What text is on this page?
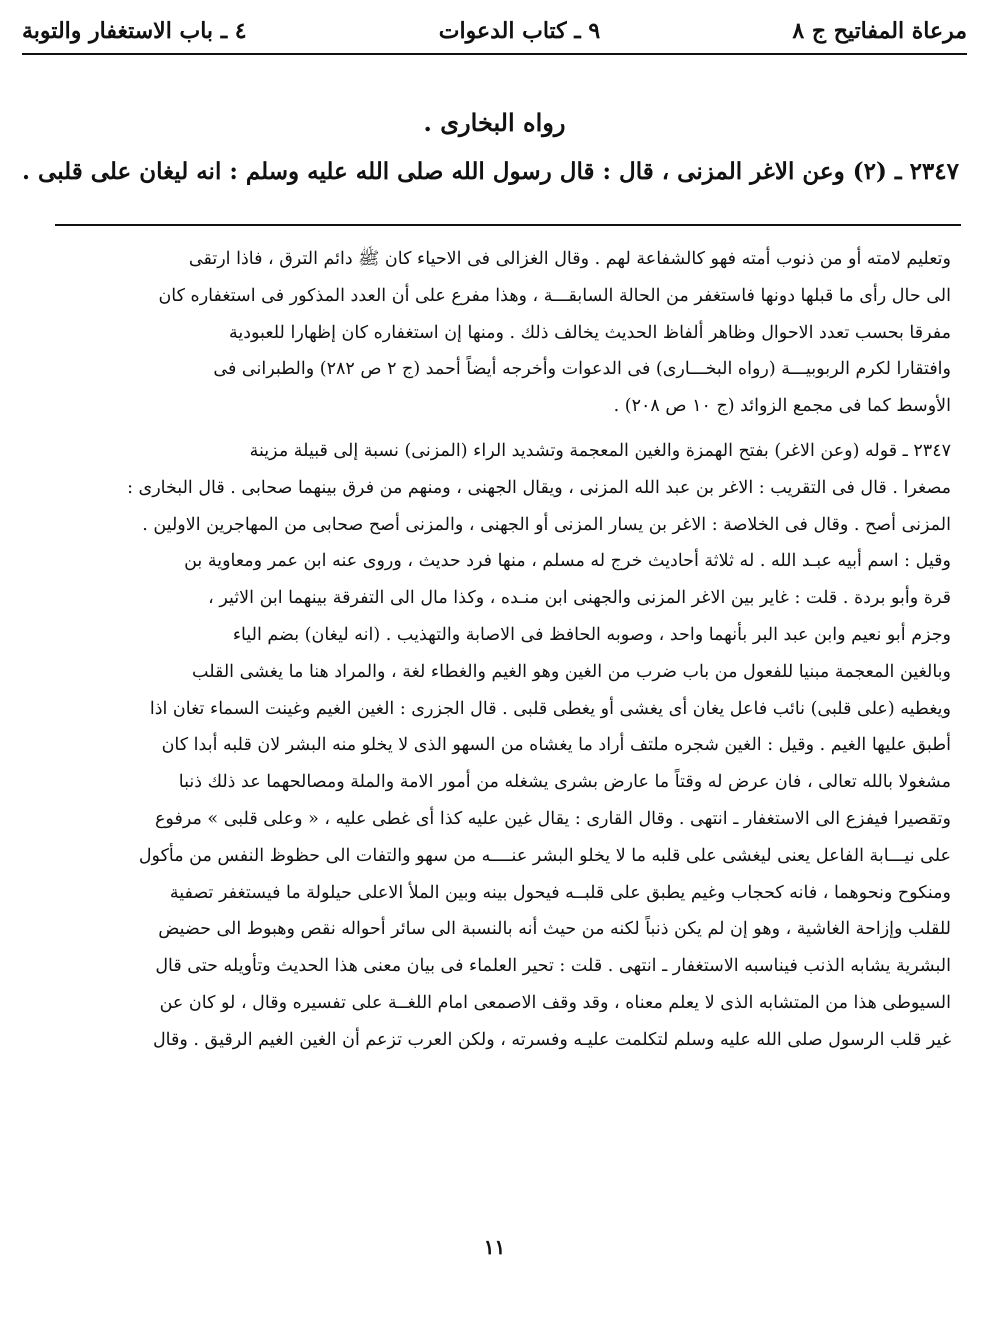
مرعاة المفاتيح ج ٨
٩ ـ كتاب الدعوات
٤ ـ باب الاستغفار والتوبة

رواه البخارى .

٢٣٤٧ ـ (٢) وعن الاغر المزنى ، قال : قال رسول الله صلى الله عليه وسلم : انه ليغان على قلبى .

وتعليم لامته أو من ذنوب أمته فهو كالشفاعة لهم . وقال الغزالى فى الاحياء كان ﷺ دائم الترق ، فاذا ارتقى
الى حال رأى ما قبلها دونها فاستغفر من الحالة السابقـــة ، وهذا مفرع على أن العدد المذكور فى استغفاره كان
مفرقا بحسب تعدد الاحوال وظاهر ألفاظ الحديث يخالف ذلك . ومنها إن استغفاره كان إظهارا للعبودية
وافتقارا لكرم الربوبيـــة (رواه البخـــارى) فى الدعوات وأخرجه أيضاً أحمد (ج ٢ ص ٢٨٢) والطبرانى فى
الأوسط كما فى مجمع الزوائد (ج ١٠ ص ٢٠٨) .
٢٣٤٧ ـ قوله (وعن الاغر) بفتح الهمزة والغين المعجمة وتشديد الراء (المزنى) نسبة إلى قبيلة مزينة
مصغرا . قال فى التقريب : الاغر بن عبد الله المزنى ، ويقال الجهنى ، ومنهم من فرق بينهما صحابى . قال البخارى :
المزنى أصح . وقال فى الخلاصة : الاغر بن يسار المزنى أو الجهنى ، والمزنى أصح صحابى من المهاجرين الاولين .
وقيل : اسم أبيه عبـد الله . له ثلاثة أحاديث خرج له مسلم ، منها فرد حديث ، وروى عنه ابن عمر ومعاوية بن
قرة وأبو بردة . قلت : غاير بين الاغر المزنى والجهنى ابن منـده ، وكذا مال الى التفرقة بينهما ابن الاثير ،
وجزم أبو نعيم وابن عبد البر بأنهما واحد ، وصوبه الحافظ فى الاصابة والتهذيب . (انه ليغان) بضم الياء
وبالغين المعجمة مبنيا للفعول من باب ضرب من الغين وهو الغيم والغطاء لغة ، والمراد هنا ما يغشى القلب
ويغطيه (على قلبى) نائب فاعل يغان أى يغشى أو يغطى قلبى . قال الجزرى : الغين الغيم وغينت السماء تغان اذا
أطبق عليها الغيم . وقيل : الغين شجره ملتف أراد ما يغشاه من السهو الذى لا يخلو منه البشر لان قلبه أبدا كان
مشغولا بالله تعالى ، فان عرض له وقتاً ما عارض بشرى يشغله من أمور الامة والملة ومصالحهما عد ذلك ذنبا
وتقصيرا فيفزع الى الاستغفار ـ انتهى . وقال القارى : يقال غين عليه كذا أى غطى عليه ، « وعلى قلبى » مرفوع
على نيـــابة الفاعل يعنى ليغشى على قلبه ما لا يخلو البشر عنــــه من سهو والتفات الى حظوظ النفس من مأكول
ومنكوح ونحوهما ، فانه كحجاب وغيم يطبق على قلبــه فيحول بينه وبين الملأ الاعلى حيلولة ما فيستغفر تصفية
للقلب وإزاحة الغاشية ، وهو إن لم يكن ذنباً لكنه من حيث أنه بالنسبة الى سائر أحواله نقص وهبوط الى حضيض
البشرية يشابه الذنب فيناسبه الاستغفار ـ انتهى . قلت : تحير العلماء فى بيان معنى هذا الحديث وتأويله حتى قال
السيوطى هذا من المتشابه الذى لا يعلم معناه ، وقد وقف الاصمعى امام اللغــة على تفسيره وقال ، لو كان عن
غير قلب الرسول صلى الله عليه وسلم لتكلمت عليـه وفسرته ، ولكن العرب تزعم أن الغين الغيم الرقيق . وقال
١١
